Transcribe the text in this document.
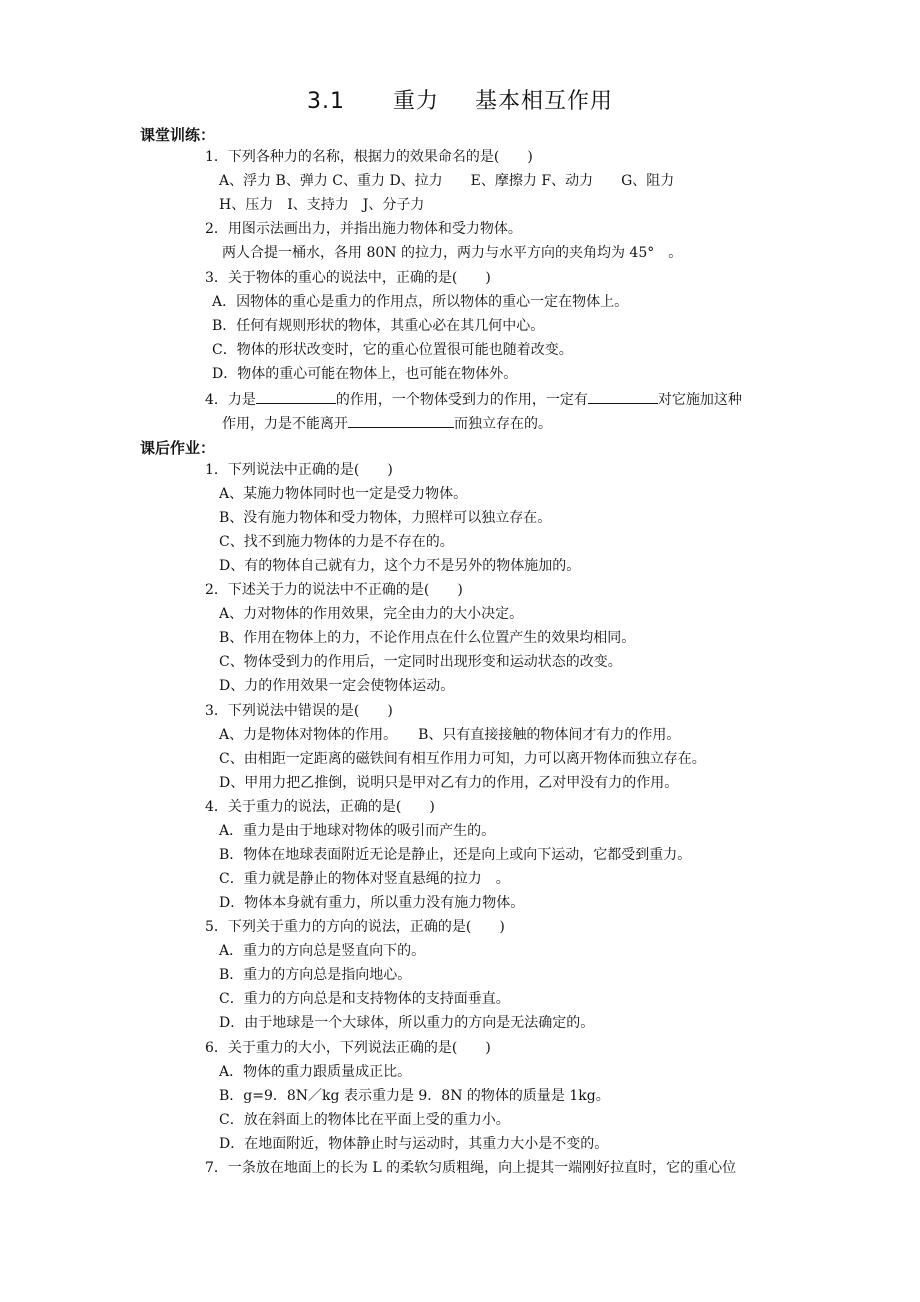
3.1 重力 基本相互作用
课堂训练：
1．下列各种力的名称，根据力的效果命名的是(　　)
A、浮力 B、弹力 C、重力 D、拉力　　E、摩擦力 F、动力　　G、阻力
H、压力　I、支持力　J、分子力
2．用图示法画出力，并指出施力物体和受力物体。
两人合提一桶水，各用 80N 的拉力，两力与水平方向的夹角均为 45°　。
3．关于物体的重心的说法中，正确的是(　　)
A．因物体的重心是重力的作用点，所以物体的重心一定在物体上。
B．任何有规则形状的物体，其重心必在其几何中心。
C．物体的形状改变时，它的重心位置很可能也随着改变。
D．物体的重心可能在物体上，也可能在物体外。
4．力是	的作用，一个物体受到力的作用，一定有	对它施加这种
作用，力是不能离开	而独立存在的。
课后作业：
1．下列说法中正确的是(　　)
A、某施力物体同时也一定是受力物体。
B、没有施力物体和受力物体，力照样可以独立存在。
C、找不到施力物体的力是不存在的。
D、有的物体自己就有力，这个力不是另外的物体施加的。
2．下述关于力的说法中不正确的是(　　)
A、力对物体的作用效果，完全由力的大小决定。
B、作用在物体上的力，不论作用点在什么位置产生的效果均相同。
C、物体受到力的作用后，一定同时出现形变和运动状态的改变。
D、力的作用效果一定会使物体运动。
3．下列说法中错误的是(　　)
A、力是物体对物体的作用。　　B、只有直接接触的物体间才有力的作用。
C、由相距一定距离的磁铁间有相互作用力可知，力可以离开物体而独立存在。
D、甲用力把乙推倒，说明只是甲对乙有力的作用，乙对甲没有力的作用。
4．关于重力的说法，正确的是(　　)
A．重力是由于地球对物体的吸引而产生的。
B．物体在地球表面附近无论是静止，还是向上或向下运动，它都受到重力。
C．重力就是静止的物体对竖直悬绳的拉力　。
D．物体本身就有重力，所以重力没有施力物体。
5．下列关于重力的方向的说法，正确的是(　　)
A．重力的方向总是竖直向下的。
B．重力的方向总是指向地心。
C．重力的方向总是和支持物体的支持面垂直。
D．由于地球是一个大球体，所以重力的方向是无法确定的。
6．关于重力的大小，下列说法正确的是(　　)
A．物体的重力跟质量成正比。
B．g=9．8N／kg 表示重力是 9．8N 的物体的质量是 1kg。
C．放在斜面上的物体比在平面上受的重力小。
D．在地面附近，物体静止时与运动时，其重力大小是不变的。
7．一条放在地面上的长为 L 的柔软匀质粗绳，向上提其一端刚好拉直时，它的重心位
